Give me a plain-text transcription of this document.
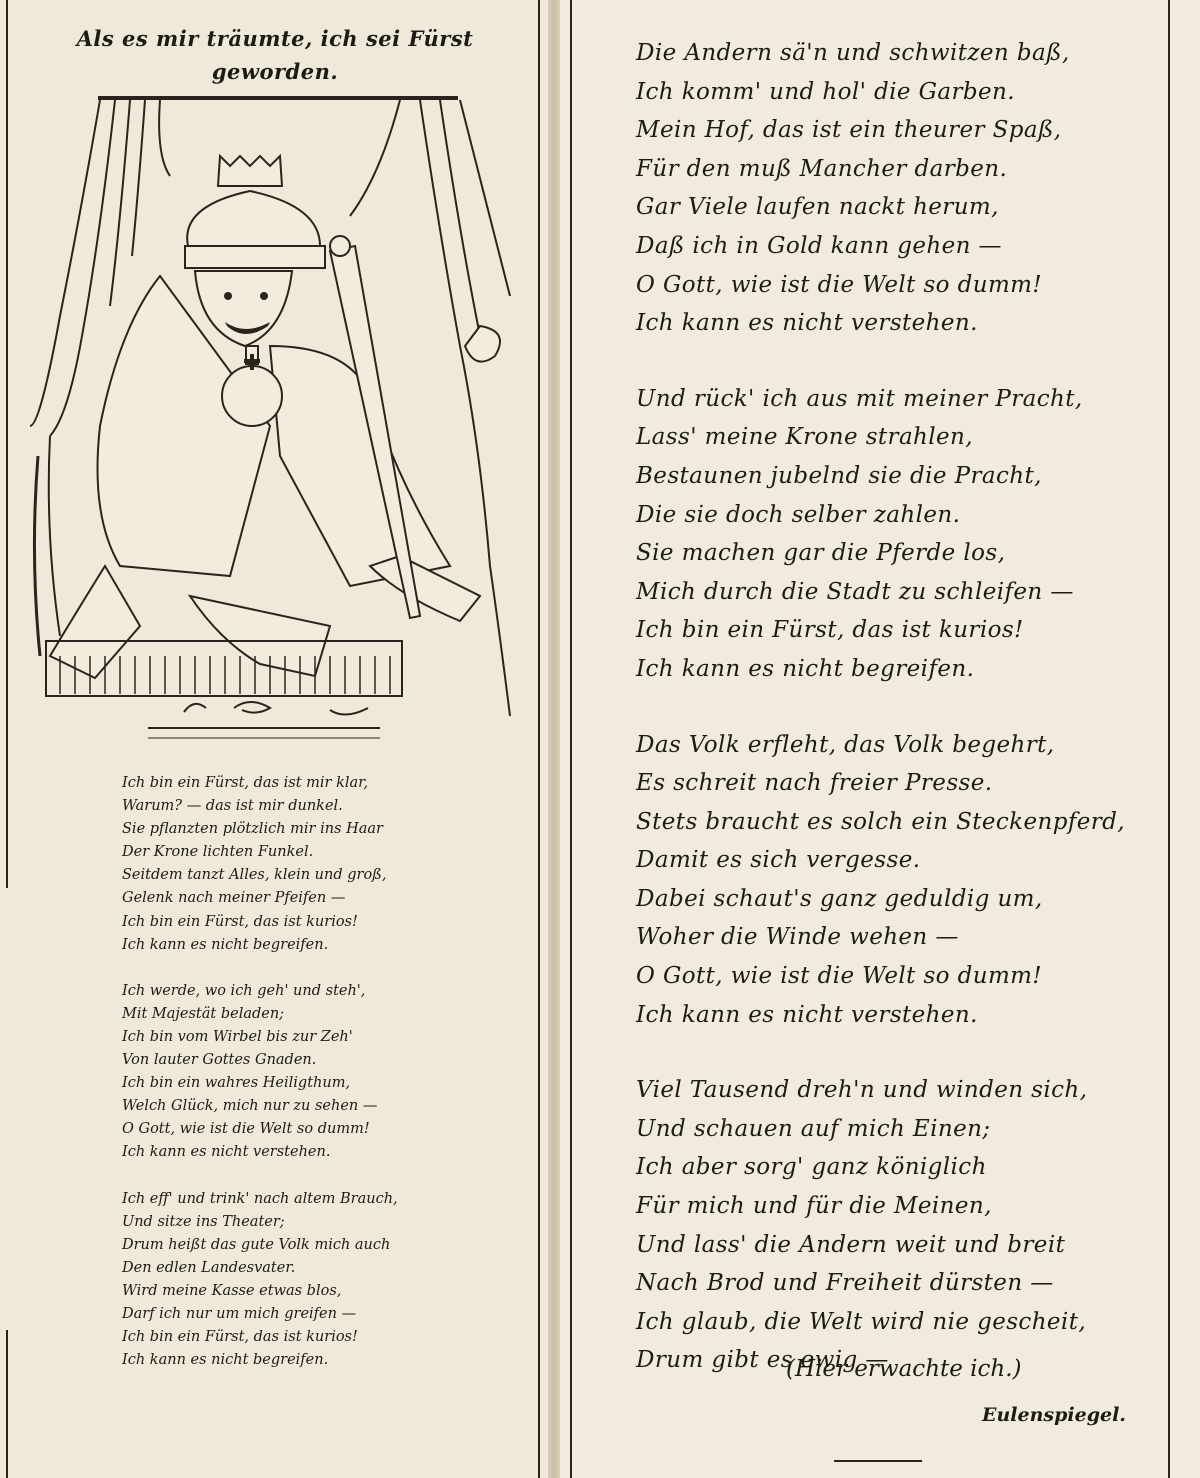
Als es mir träumte, ich sei Fürst
geworden.
Ich bin ein Fürst, das ist mir klar,
Warum? — das ist mir dunkel.
Sie pflanzten plötzlich mir ins Haar
Der Krone lichten Funkel.
Seitdem tanzt Alles, klein und groß,
Gelenk nach meiner Pfeifen —
Ich bin ein Fürst, das ist kurios!
Ich kann es nicht begreifen.
Ich werde, wo ich geh' und steh',
Mit Majestät beladen;
Ich bin vom Wirbel bis zur Zeh'
Von lauter Gottes Gnaden.
Ich bin ein wahres Heiligthum,
Welch Glück, mich nur zu sehen —
O Gott, wie ist die Welt so dumm!
Ich kann es nicht verstehen.
Ich eff' und trink' nach altem Brauch,
Und sitze ins Theater;
Drum heißt das gute Volk mich auch
Den edlen Landesvater.
Wird meine Kasse etwas blos,
Darf ich nur um mich greifen —
Ich bin ein Fürst, das ist kurios!
Ich kann es nicht begreifen.
Die Andern sä'n und schwitzen baß,
Ich komm' und hol' die Garben.
Mein Hof, das ist ein theurer Spaß,
Für den muß Mancher darben.
Gar Viele laufen nackt herum,
Daß ich in Gold kann gehen —
O Gott, wie ist die Welt so dumm!
Ich kann es nicht verstehen.
Und rück' ich aus mit meiner Pracht,
Lass' meine Krone strahlen,
Bestaunen jubelnd sie die Pracht,
Die sie doch selber zahlen.
Sie machen gar die Pferde los,
Mich durch die Stadt zu schleifen —
Ich bin ein Fürst, das ist kurios!
Ich kann es nicht begreifen.
Das Volk erfleht, das Volk begehrt,
Es schreit nach freier Presse.
Stets braucht es solch ein Steckenpferd,
Damit es sich vergesse.
Dabei schaut's ganz geduldig um,
Woher die Winde wehen —
O Gott, wie ist die Welt so dumm!
Ich kann es nicht verstehen.
Viel Tausend dreh'n und winden sich,
Und schauen auf mich Einen;
Ich aber sorg' ganz königlich
Für mich und für die Meinen,
Und lass' die Andern weit und breit
Nach Brod und Freiheit dürsten —
Ich glaub, die Welt wird nie gescheit,
Drum gibt es ewig —
(Hier erwachte ich.)
Eulenspiegel.
